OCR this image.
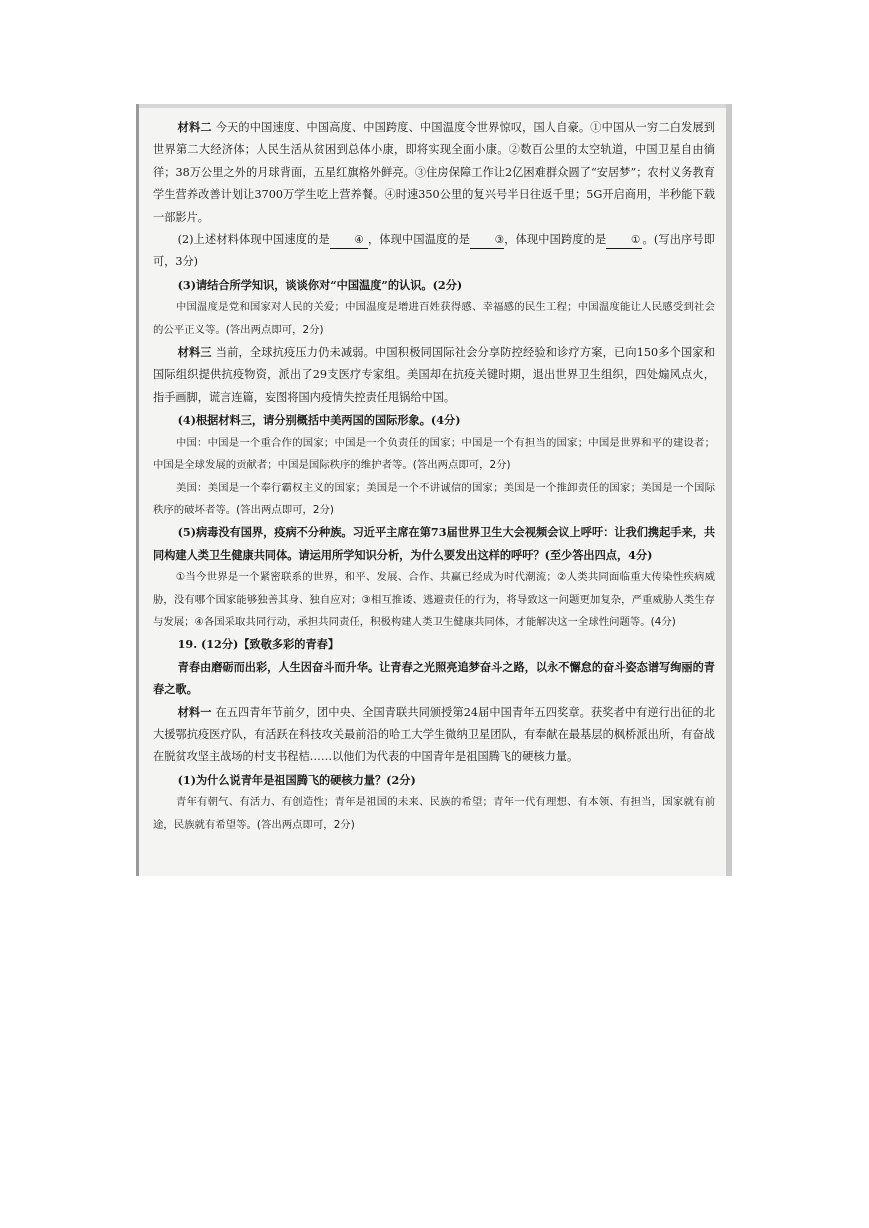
材料二 今天的中国速度、中国高度、中国跨度、中国温度令世界惊叹，国人自豪。①中国从一穷二白发展到世界第二大经济体；人民生活从贫困到总体小康，即将实现全面小康。②数百公里的太空轨道，中国卫星自由徜徉；38万公里之外的月球背面，五星红旗格外鲜亮。③住房保障工作让2亿困难群众圆了“安居梦”；农村义务教育学生营养改善计划让3700万学生吃上营养餐。④时速350公里的复兴号半日往返千里；5G开启商用，半秒能下载一部影片。

(2)上述材料体现中国速度的是 ④ ，体现中国温度的是 ③，体现中国跨度的是 ① 。(写出序号即可，3分)

(3)请结合所学知识，谈谈你对“中国温度”的认识。(2分)

中国温度是党和国家对人民的关爱；中国温度是增进百姓获得感、幸福感的民生工程；中国温度能让人民感受到社会的公平正义等。(答出两点即可，2分)

材料三 当前，全球抗疫压力仍未减弱。中国积极同国际社会分享防控经验和诊疗方案，已向150多个国家和国际组织提供抗疫物资，派出了29支医疗专家组。美国却在抗疫关键时期，退出世界卫生组织，四处煽风点火，指手画脚，谎言连篇，妄图将国内疫情失控责任甩锅给中国。

(4)根据材料三，请分别概括中美两国的国际形象。(4分)

中国：中国是一个重合作的国家；中国是一个负责任的国家；中国是一个有担当的国家；中国是世界和平的建设者；中国是全球发展的贡献者；中国是国际秩序的维护者等。(答出两点即可，2分)

美国：美国是一个奉行霸权主义的国家；美国是一个不讲诚信的国家；美国是一个推卸责任的国家；美国是一个国际秩序的破坏者等。(答出两点即可，2分)

(5)病毒没有国界，疫病不分种族。习近平主席在第73届世界卫生大会视频会议上呼吁：让我们携起手来，共同构建人类卫生健康共同体。请运用所学知识分析，为什么要发出这样的呼吁？(至少答出四点，4分)

①当今世界是一个紧密联系的世界，和平、发展、合作、共赢已经成为时代潮流；②人类共同面临重大传染性疾病威胁，没有哪个国家能够独善其身、独自应对；③相互推诿、逃避责任的行为，将导致这一问题更加复杂，严重威胁人类生存与发展；④各国采取共同行动，承担共同责任，积极构建人类卫生健康共同体，才能解决这一全球性问题等。(4分)

19. (12分)【致敬多彩的青春】

青春由磨砺而出彩，人生因奋斗而升华。让青春之光照亮追梦奋斗之路，以永不懈怠的奋斗姿态谱写绚丽的青春之歌。

材料一 在五四青年节前夕，团中央、全国青联共同颁授第24届中国青年五四奖章。获奖者中有逆行出征的北大援鄂抗疫医疗队，有活跃在科技攻关最前沿的哈工大学生微纳卫星团队，有奉献在最基层的枫桥派出所，有奋战在脱贫攻坚主战场的村支书程桔……以他们为代表的中国青年是祖国腾飞的硬核力量。

(1)为什么说青年是祖国腾飞的硬核力量？(2分)

青年有朝气、有活力、有创造性；青年是祖国的未来、民族的希望；青年一代有理想、有本领、有担当，国家就有前途，民族就有希望等。(答出两点即可，2分)
